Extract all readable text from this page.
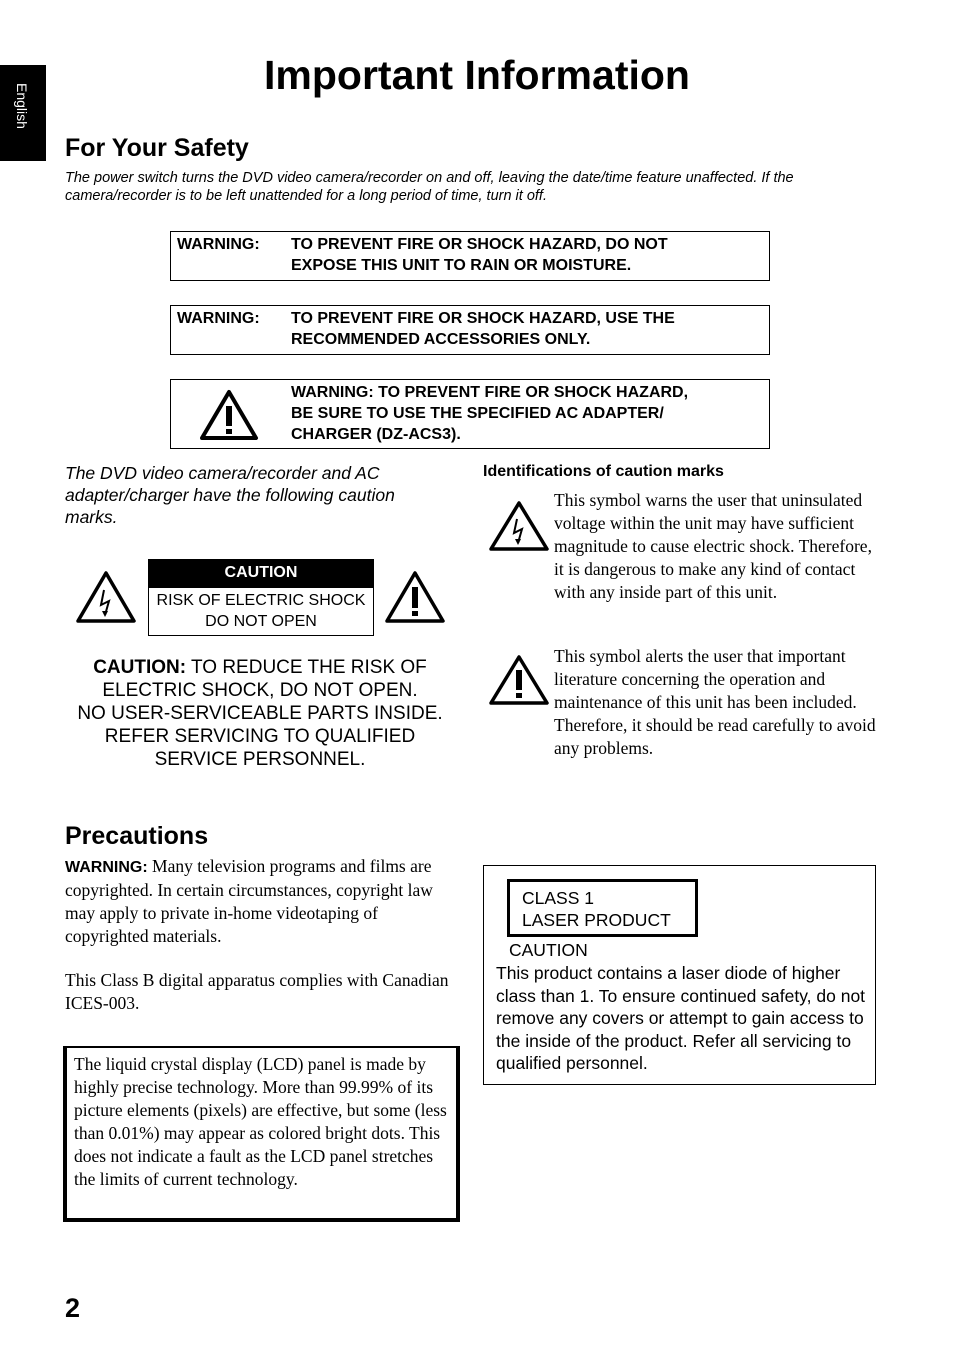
English
Important Information
For Your Safety
The power switch turns the DVD video camera/recorder on and off, leaving the date/time feature unaffected. If the camera/recorder is to be left unattended for a long period of time, turn it off.
WARNING: TO PREVENT FIRE OR SHOCK HAZARD, DO NOT
EXPOSE THIS UNIT TO RAIN OR MOISTURE.
WARNING: TO PREVENT FIRE OR SHOCK HAZARD, USE THE
RECOMMENDED ACCESSORIES ONLY.
WARNING: TO PREVENT FIRE OR SHOCK HAZARD,
BE SURE TO USE THE SPECIFIED AC ADAPTER/
CHARGER (DZ-ACS3).
The DVD video camera/recorder and AC adapter/charger have the following caution marks.
CAUTION
RISK OF ELECTRIC SHOCK
DO NOT OPEN
CAUTION: TO REDUCE THE RISK OF
ELECTRIC SHOCK, DO NOT OPEN.
NO USER-SERVICEABLE PARTS INSIDE.
REFER SERVICING TO QUALIFIED
SERVICE PERSONNEL.
Identifications of caution marks
This symbol warns the user that uninsulated voltage within the unit may have sufficient magnitude to cause electric shock. Therefore, it is dangerous to make any kind of contact with any inside part of this unit.
This symbol alerts the user that important literature concerning the operation and maintenance of this unit has been included. Therefore, it should be read carefully to avoid any problems.
Precautions
WARNING: Many television programs and films are copyrighted. In certain circumstances, copyright law may apply to private in-home videotaping of copyrighted materials.
This Class B digital apparatus complies with Canadian ICES-003.
The liquid crystal display (LCD) panel is made by highly precise technology. More than 99.99% of its picture elements (pixels) are effective, but some (less than 0.01%) may appear as colored bright dots. This does not indicate a fault as the LCD panel stretches the limits of current technology.
CLASS 1
LASER PRODUCT
CAUTION
This product contains a laser diode of higher class than 1. To ensure continued safety, do not remove any covers or attempt to gain access to the inside of the product. Refer all servicing to qualified personnel.
2
